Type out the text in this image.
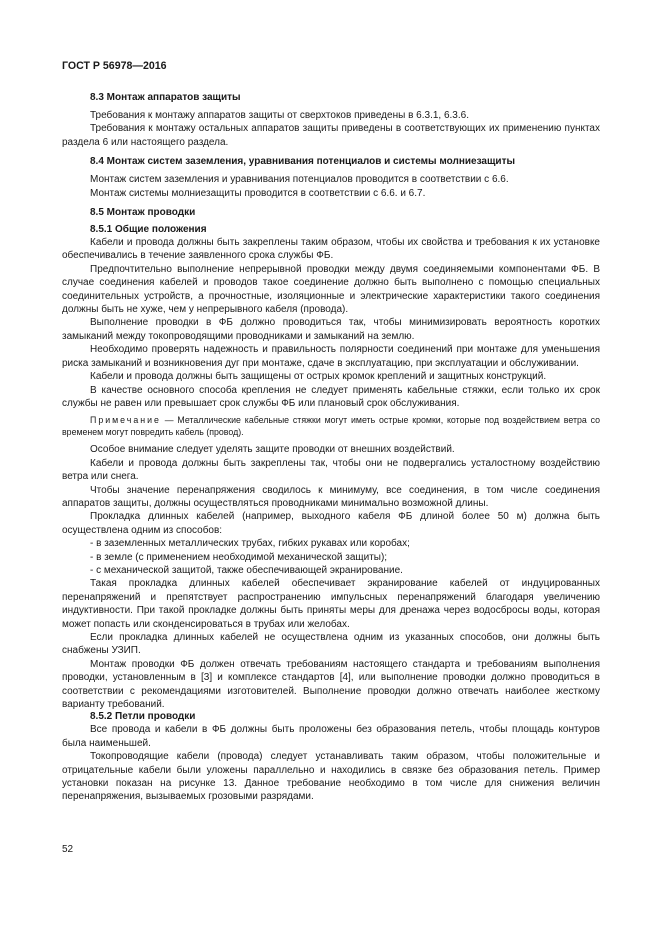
ГОСТ Р 56978—2016
8.3 Монтаж аппаратов защиты

Требования к монтажу аппаратов защиты от сверхтоков приведены в 6.3.1, 6.3.6.

Требования к монтажу остальных аппаратов защиты приведены в соответствующих их применению пунктах раздела 6 или настоящего раздела.

8.4 Монтаж систем заземления, уравнивания потенциалов и системы молниезащиты

Монтаж систем заземления и уравнивания потенциалов проводится в соответствии с 6.6.

Монтаж системы молниезащиты проводится в соответствии с 6.6. и 6.7.

8.5 Монтаж проводки
8.5.1 Общие положения

Кабели и провода должны быть закреплены таким образом, чтобы их свойства и требования к их установке обеспечивались в течение заявленного срока службы ФБ.

Предпочтительно выполнение непрерывной проводки между двумя соединяемыми компонентами ФБ. В случае соединения кабелей и проводов такое соединение должно быть выполнено с помощью специальных соединительных устройств, а прочностные, изоляционные и электрические характеристики такого соединения должны быть не хуже, чем у непрерывного кабеля (провода).

Выполнение проводки в ФБ должно проводиться так, чтобы минимизировать вероятность коротких замыканий между токопроводящими проводниками и замыканий на землю.

Необходимо проверять надежность и правильность полярности соединений при монтаже для уменьшения риска замыканий и возникновения дуг при монтаже, сдаче в эксплуатацию, при эксплуатации и обслуживании.

Кабели и провода должны быть защищены от острых кромок креплений и защитных конструкций.

В качестве основного способа крепления не следует применять кабельные стяжки, если только их срок службы не равен или превышает срок службы ФБ или плановый срок обслуживания.

Примечание — Металлические кабельные стяжки могут иметь острые кромки, которые под воздействием ветра со временем могут повредить кабель (провод).

Особое внимание следует уделять защите проводки от внешних воздействий.

Кабели и провода должны быть закреплены так, чтобы они не подвергались усталостному воздействию ветра или снега.

Чтобы значение перенапряжения сводилось к минимуму, все соединения, в том числе соединения аппаратов защиты, должны осуществляться проводниками минимально возможной длины.

Прокладка длинных кабелей (например, выходного кабеля ФБ длиной более 50 м) должна быть осуществлена одним из способов:

- в заземленных металлических трубах, гибких рукавах или коробах;
- в земле (с применением необходимой механической защиты);
- с механической защитой, также обеспечивающей экранирование.

Такая прокладка длинных кабелей обеспечивает экранирование кабелей от индуцированных перенапряжений и препятствует распространению импульсных перенапряжений благодаря увеличению индуктивности. При такой прокладке должны быть приняты меры для дренажа через водосбросы воды, которая может попасть или сконденсироваться в трубах или желобах.

Если прокладка длинных кабелей не осуществлена одним из указанных способов, они должны быть снабжены УЗИП.

Монтаж проводки ФБ должен отвечать требованиям настоящего стандарта и требованиям выполнения проводки, установленным в [3] и комплексе стандартов [4], или выполнение проводки должно проводиться в соответствии с рекомендациями изготовителей. Выполнение проводки должно отвечать наиболее жесткому варианту требований.

8.5.2 Петли проводки

Все провода и кабели в ФБ должны быть проложены без образования петель, чтобы площадь контуров была наименьшей.

Токопроводящие кабели (провода) следует устанавливать таким образом, чтобы положительные и отрицательные кабели были уложены параллельно и находились в связке без образования петель. Пример установки показан на рисунке 13. Данное требование необходимо в том числе для снижения величин перенапряжения, вызываемых грозовыми разрядами.

52
